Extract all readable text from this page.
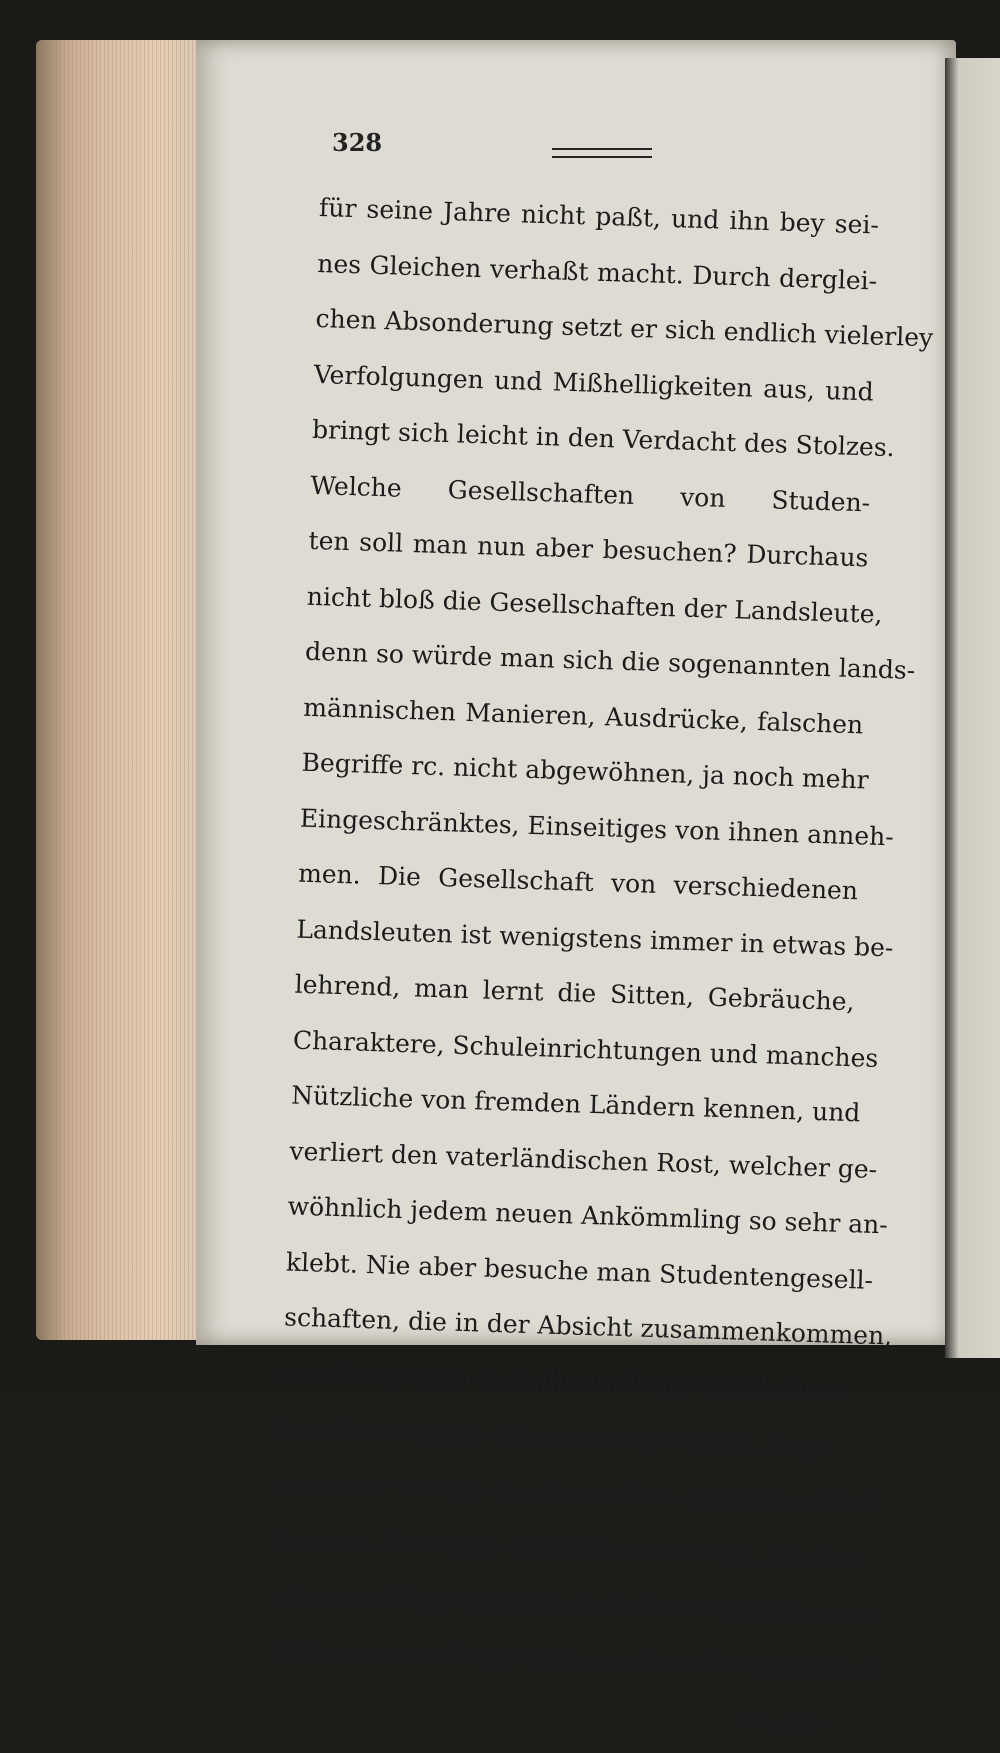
328
für seine Jahre nicht paßt, und ihn bey sei-
nes Gleichen verhaßt macht. Durch derglei-
chen Absonderung setzt er sich endlich vielerley
Verfolgungen und Mißhelligkeiten aus, und
bringt sich leicht in den Verdacht des Stolzes.
Welche Gesellschaften von Studen-
ten soll man nun aber besuchen? Durchaus
nicht bloß die Gesellschaften der Landsleute,
denn so würde man sich die sogenannten lands-
männischen Manieren, Ausdrücke, falschen
Begriffe rc. nicht abgewöhnen, ja noch mehr
Eingeschränktes, Einseitiges von ihnen anneh-
men. Die Gesellschaft von verschiedenen
Landsleuten ist wenigstens immer in etwas be-
lehrend, man lernt die Sitten, Gebräuche,
Charaktere, Schuleinrichtungen und manches
Nützliche von fremden Ländern kennen, und
verliert den vaterländischen Rost, welcher ge-
wöhnlich jedem neuen Ankömmling so sehr an-
klebt. Nie aber besuche man Studentengesell-
schaften, die in der Absicht zusammenkommen,
um Saufgelage zu halten, die gewöhnlich un-
ter dem Namen Commerce passiren; dage-
gen aber wohne man bisweilen Zusammenkünf-
ten von Freunden und Bekannten bey, wo bey
einem mäßigen, Freude belebenden Becher ein
heiterer, zum Wohlwollen und zur Freundschaft
ermun-
